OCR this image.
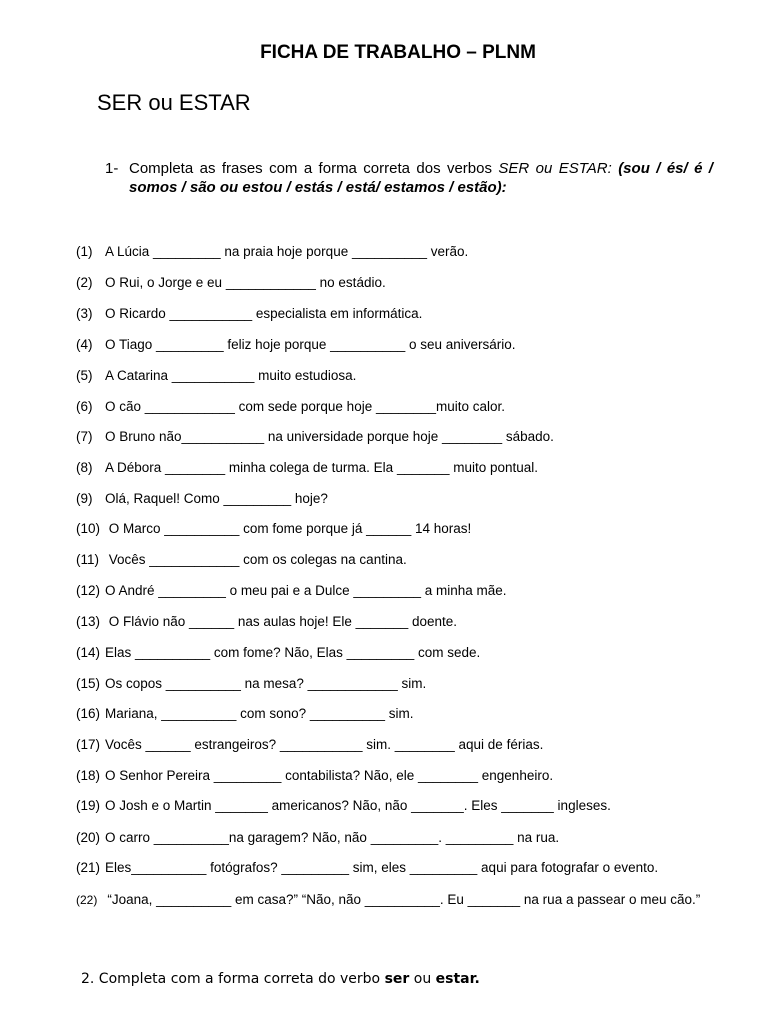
FICHA DE TRABALHO – PLNM
SER ou ESTAR
1- Completa as frases com a forma correta dos verbos SER ou ESTAR: (sou / és/ é / somos / são ou estou / estás / está/ estamos / estão):
(1) A Lúcia _________ na praia hoje porque __________ verão.
(2) O Rui, o Jorge e eu ____________ no estádio.
(3) O Ricardo ___________ especialista em informática.
(4) O Tiago _________ feliz hoje porque __________ o seu aniversário.
(5) A Catarina ___________ muito estudiosa.
(6) O cão ____________ com sede porque hoje ________muito calor.
(7) O Bruno não___________ na universidade porque hoje ________ sábado.
(8) A Débora ________ minha colega de turma. Ela _______ muito pontual.
(9) Olá, Raquel! Como _________ hoje?
(10) O Marco __________ com fome porque já ______ 14 horas!
(11) Vocês ____________ com os colegas na cantina.
(12) O André _________ o meu pai e a Dulce _________ a minha mãe.
(13) O Flávio não ______ nas aulas hoje! Ele _______ doente.
(14) Elas __________ com fome? Não, Elas _________ com sede.
(15) Os copos __________ na mesa? ____________ sim.
(16) Mariana, __________ com sono? __________ sim.
(17) Vocês ______ estrangeiros? ___________ sim. ________ aqui de férias.
(18) O Senhor Pereira _________ contabilista? Não, ele ________ engenheiro.
(19) O Josh e o Martin _______ americanos? Não, não _______. Eles _______ ingleses.
(20) O carro __________na garagem? Não, não _________. _________ na rua.
(21) Eles__________ fotógrafos? _________ sim, eles _________ aqui para fotografar o evento.
(22) “Joana, __________ em casa?” “Não, não __________. Eu _______ na rua a passear o meu cão.”
2. Completa com a forma correta do verbo ser ou estar.
